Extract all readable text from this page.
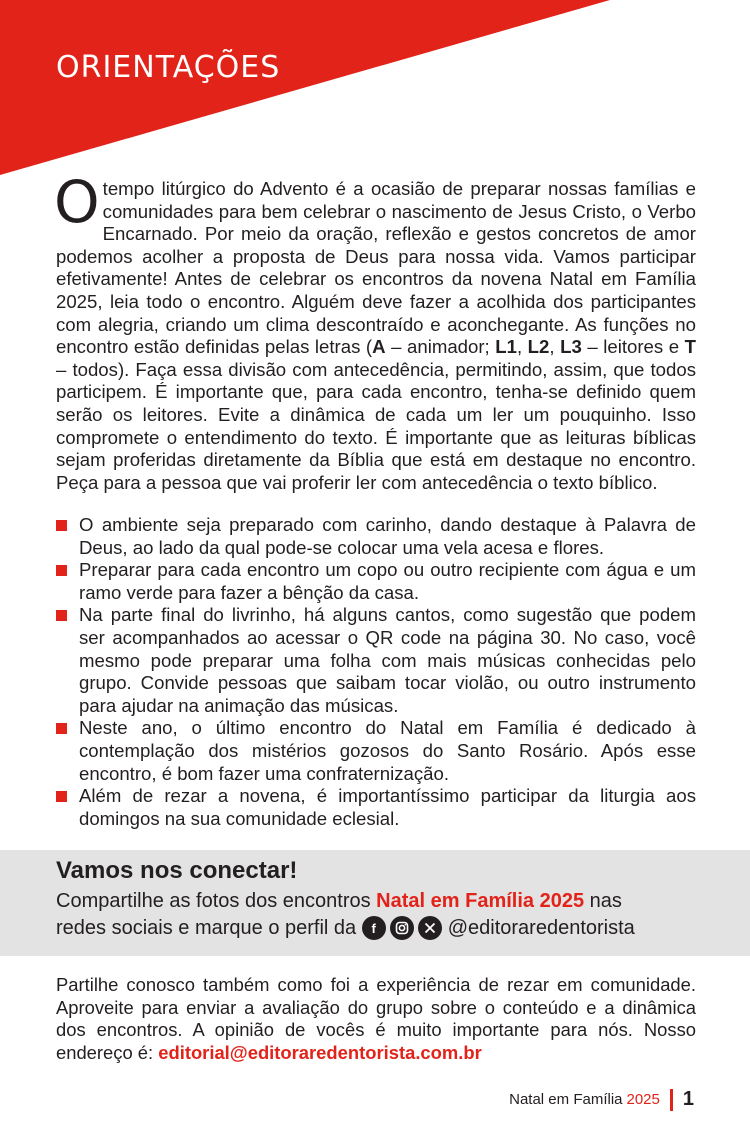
ORIENTAÇÕES
Otempo litúrgico do Advento é a ocasião de preparar nossas famílias e comunidades para bem celebrar o nascimento de Jesus Cristo, o Verbo Encarnado. Por meio da oração, reflexão e gestos concretos de amor podemos acolher a proposta de Deus para nossa vida. Vamos participar efetivamente! Antes de celebrar os encontros da novena Natal em Família 2025, leia todo o encontro. Alguém deve fazer a acolhida dos participantes com alegria, criando um clima descontraído e aconchegante. As funções no encontro estão definidas pelas letras (A – animador; L1, L2, L3 – leitores e T – todos). Faça essa divisão com antecedência, permitindo, assim, que todos participem. É importante que, para cada encontro, tenha-se definido quem serão os leitores. Evite a dinâmica de cada um ler um pouquinho. Isso compromete o entendimento do texto. É importante que as leituras bíblicas sejam proferidas diretamente da Bíblia que está em destaque no encontro. Peça para a pessoa que vai proferir ler com antecedência o texto bíblico.
O ambiente seja preparado com carinho, dando destaque à Palavra de Deus, ao lado da qual pode-se colocar uma vela acesa e flores.
Preparar para cada encontro um copo ou outro recipiente com água e um ramo verde para fazer a bênção da casa.
Na parte final do livrinho, há alguns cantos, como sugestão que podem ser acompanhados ao acessar o QR code na página 30. No caso, você mesmo pode preparar uma folha com mais músicas conhecidas pelo grupo. Convide pessoas que saibam tocar violão, ou outro instrumento para ajudar na animação das músicas.
Neste ano, o último encontro do Natal em Família é dedicado à contemplação dos mistérios gozosos do Santo Rosário. Após esse encontro, é bom fazer uma confraternização.
Além de rezar a novena, é importantíssimo participar da liturgia aos domingos na sua comunidade eclesial.
Vamos nos conectar!
Compartilhe as fotos dos encontros Natal em Família 2025 nas
redes sociais e marque o perfil da f	@editoraredentorista
Partilhe conosco também como foi a experiência de rezar em comunidade. Aproveite para enviar a avaliação do grupo sobre o conteúdo e a dinâmica dos encontros. A opinião de vocês é muito importante para nós. Nosso endereço é: editorial@editoraredentorista.com.br
Natal em Família 2025 1
